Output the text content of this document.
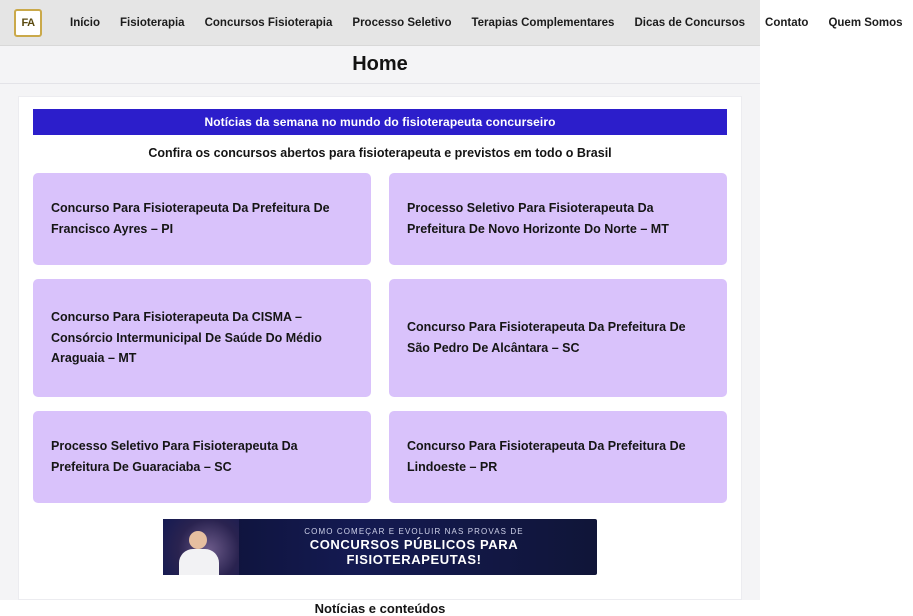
FA	Início	Fisioterapia	Concursos Fisioterapia	Processo Seletivo	Terapias Complementares	Dicas de Concursos	Contato	Quem Somos
Home
Notícias da semana no mundo do fisioterapeuta concurseiro
Confira os concursos abertos para fisioterapeuta e previstos em todo o Brasil
Concurso Para Fisioterapeuta Da Prefeitura De Francisco Ayres – PI
Processo Seletivo Para Fisioterapeuta Da Prefeitura De Novo Horizonte Do Norte – MT
Concurso Para Fisioterapeuta Da CISMA – Consórcio Intermunicipal De Saúde Do Médio Araguaia – MT
Concurso Para Fisioterapeuta Da Prefeitura De São Pedro De Alcântara – SC
Processo Seletivo Para Fisioterapeuta Da Prefeitura De Guaraciaba – SC
Concurso Para Fisioterapeuta Da Prefeitura De Lindoeste – PR
COMO COMEÇAR E EVOLUIR NAS PROVAS DE
CONCURSOS PÚBLICOS PARA
FISIOTERAPEUTAS!
Notícias e conteúdos
